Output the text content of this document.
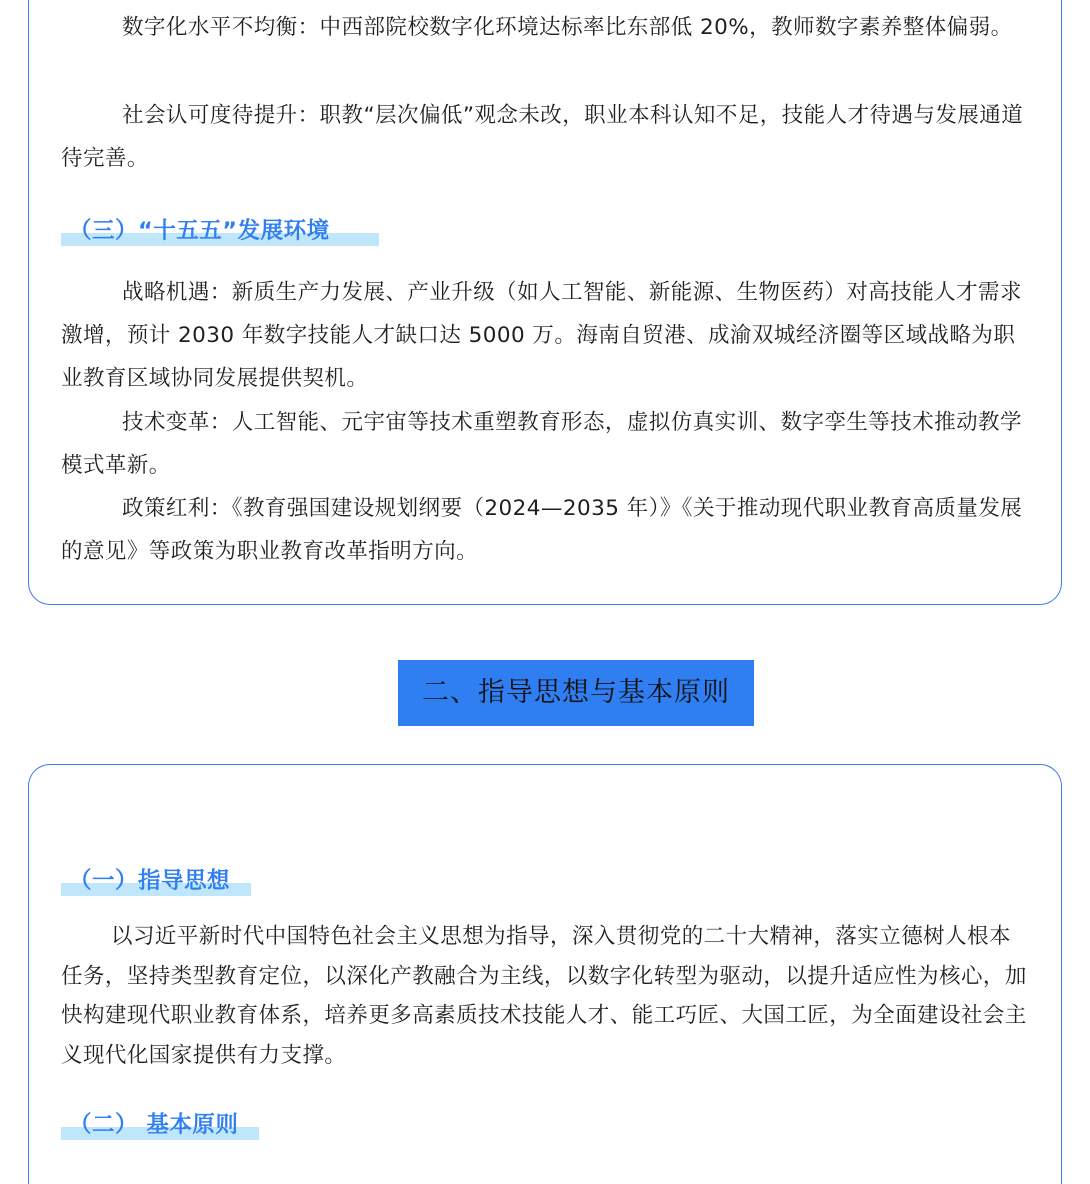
数字化水平不均衡：中西部院校数字化环境达标率比东部低 20%，教师数字素养整体偏弱。

社会认可度待提升：职教“层次偏低”观念未改，职业本科认知不足，技能人才待遇与发展通道待完善。

（三）“十五五”发展环境

战略机遇：新质生产力发展、产业升级（如人工智能、新能源、生物医药）对高技能人才需求激增，预计 2030 年数字技能人才缺口达 5000 万。海南自贸港、成渝双城经济圈等区域战略为职业教育区域协同发展提供契机。

技术变革：人工智能、元宇宙等技术重塑教育形态，虚拟仿真实训、数字孪生等技术推动教学模式革新。

政策红利：《教育强国建设规划纲要（2024—2035 年）》《关于推动现代职业教育高质量发展的意见》等政策为职业教育改革指明方向。

二、指导思想与基本原则
（一）指导思想

以习近平新时代中国特色社会主义思想为指导，深入贯彻党的二十大精神，落实立德树人根本任务，坚持类型教育定位，以深化产教融合为主线，以数字化转型为驱动，以提升适应性为核心，加快构建现代职业教育体系，培养更多高素质技术技能人才、能工巧匠、大国工匠，为全面建设社会主义现代化国家提供有力支撑。

（二） 基本原则
